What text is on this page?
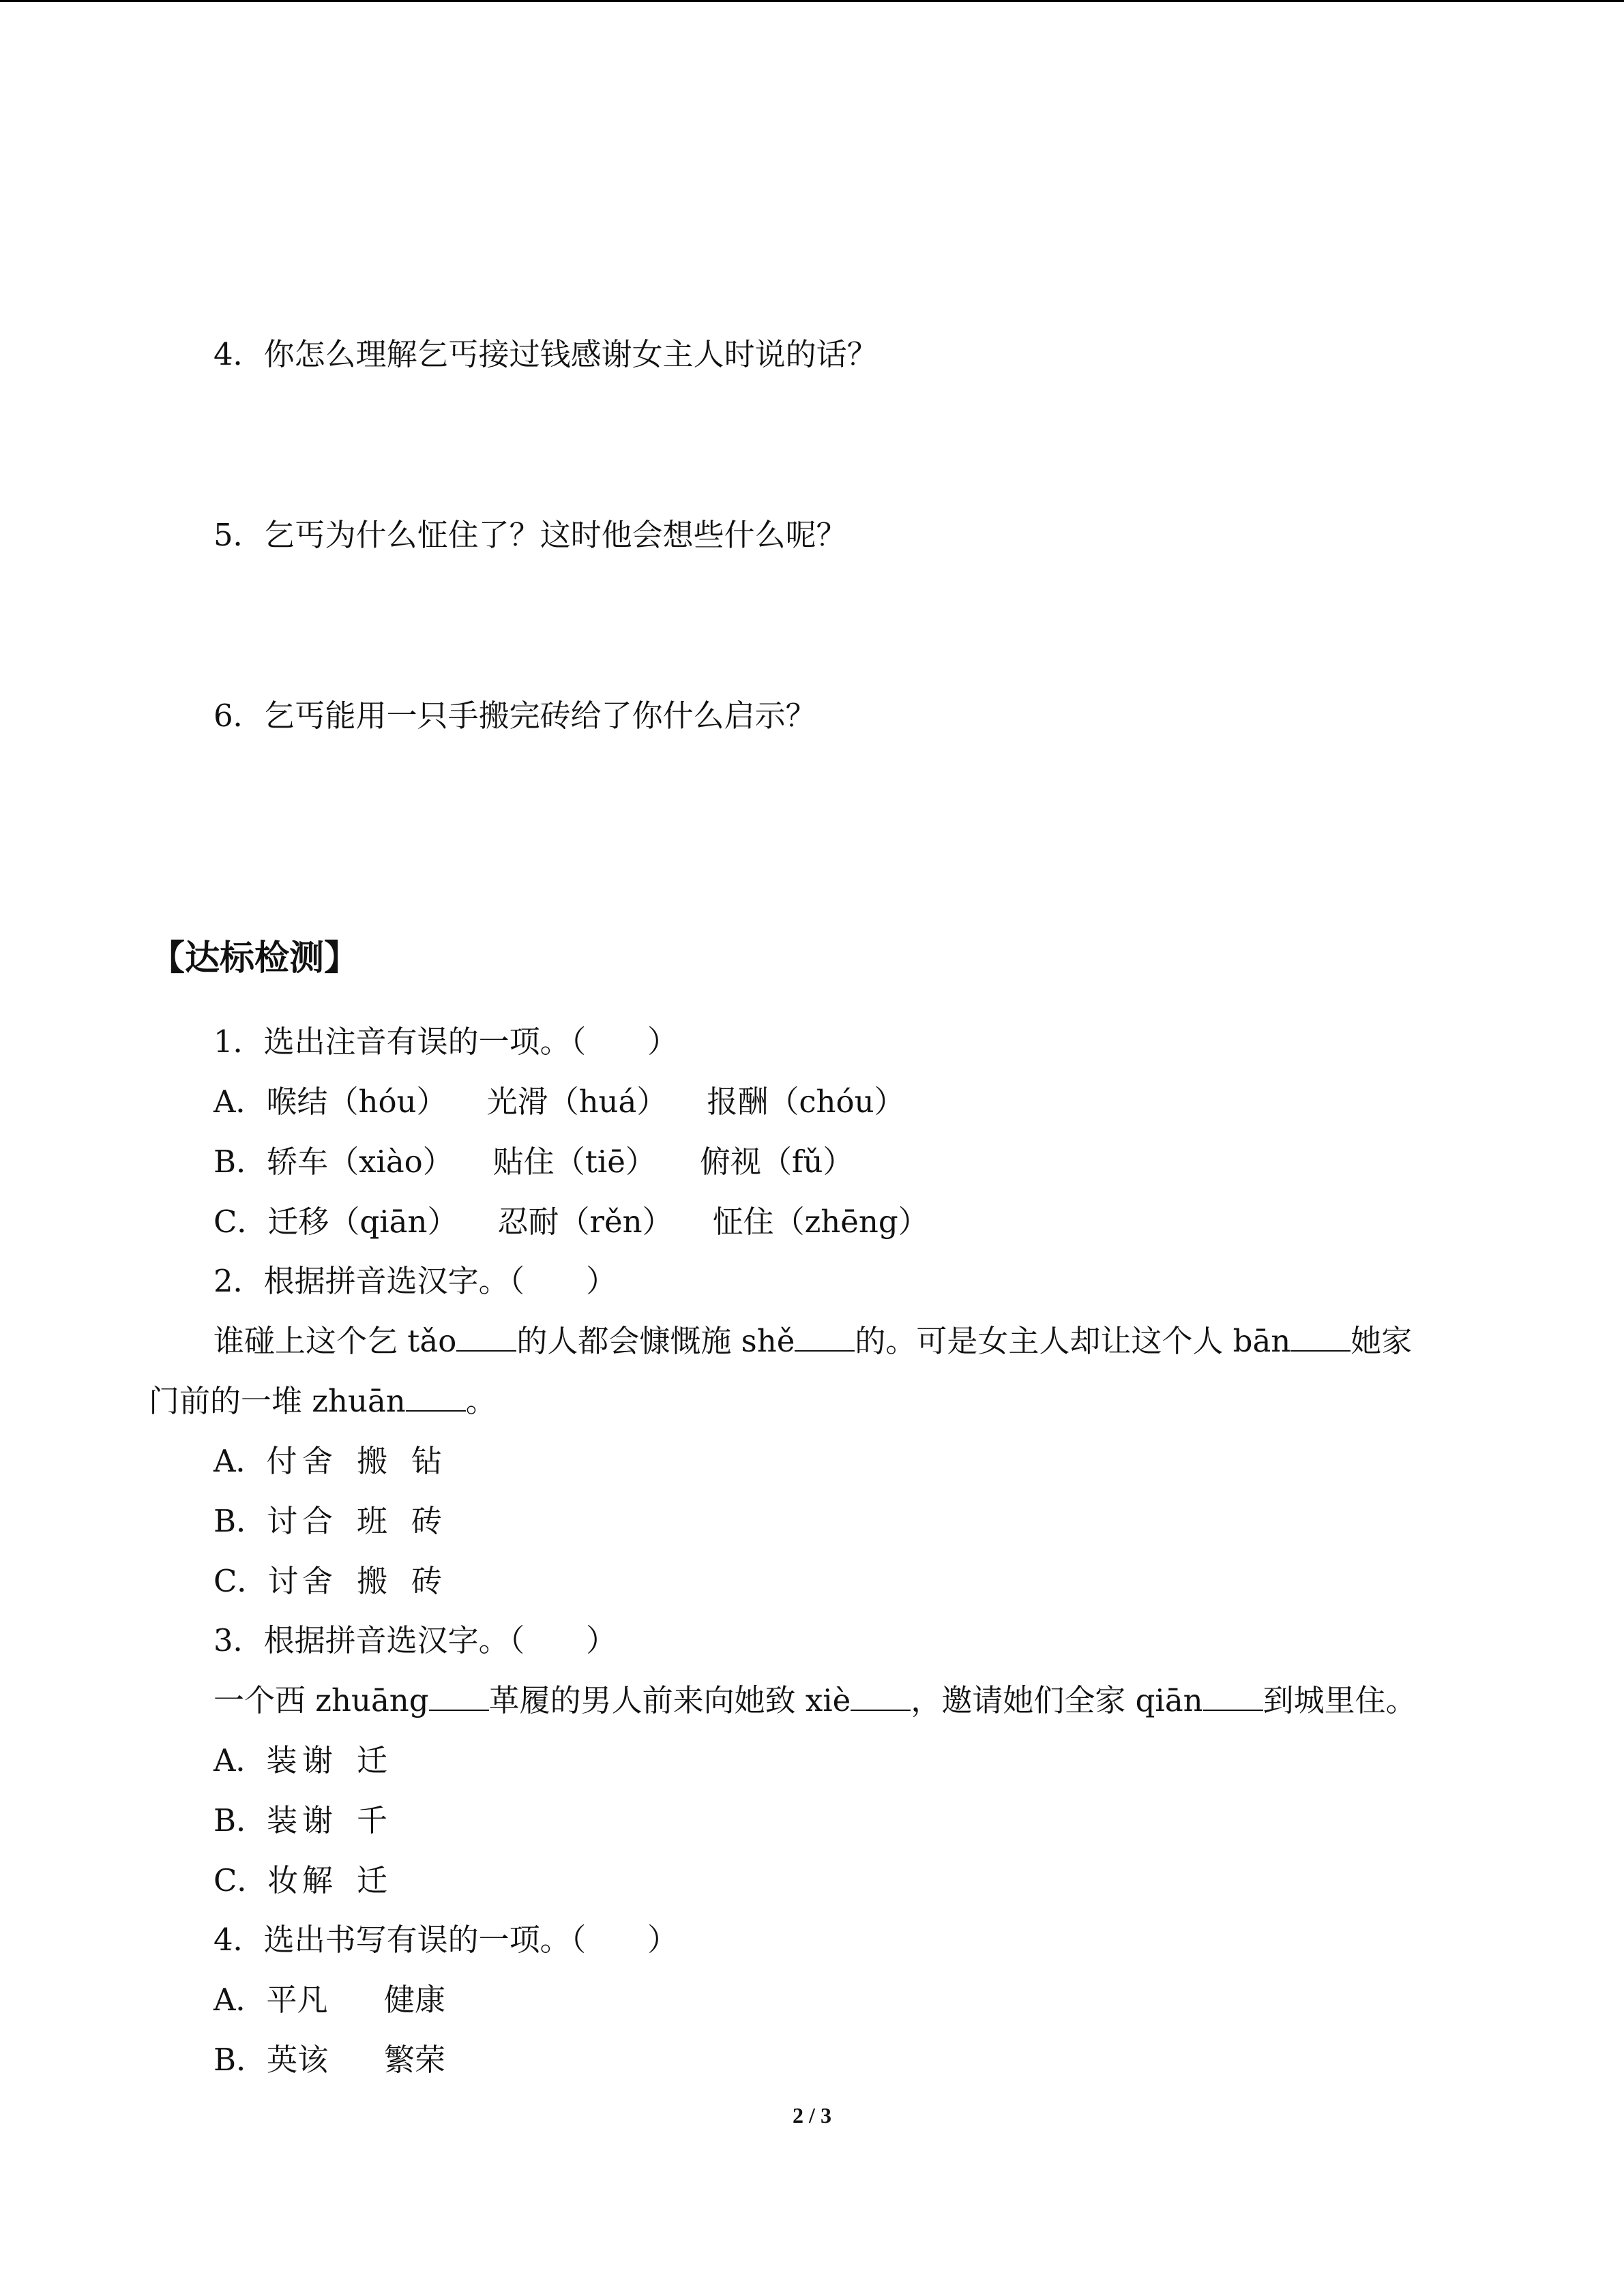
4．你怎么理解乞丐接过钱感谢女主人时说的话？
5．乞丐为什么怔住了？这时他会想些什么呢？
6．乞丐能用一只手搬完砖给了你什么启示？
【达标检测】
1．选出注音有误的一项。（　　）
A．喉结（hóu） 光滑（huá） 报酬（chóu）
B．轿车（xiào） 贴住（tiē） 俯视（fǔ）
C．迁移（qiān） 忍耐（rěn） 怔住（zhēng）
2．根据拼音选汉字。（　　）
谁碰上这个乞 tǎo 的人都会慷慨施 shě 的。可是女主人却让这个人 bān 她家
门前的一堆 zhuān 。
A．付 舍 搬 钻
B．讨 合 班 砖
C．讨 舍 搬 砖
3．根据拼音选汉字。（　　）
一个西 zhuāng 革履的男人前来向她致 xiè ，邀请她们全家 qiān 到城里住。
A．装 谢 迁
B．装 谢 千
C．妆 解 迁
4．选出书写有误的一项。（　　）
A．平凡 健康
B．英该 繁荣
2 / 3
